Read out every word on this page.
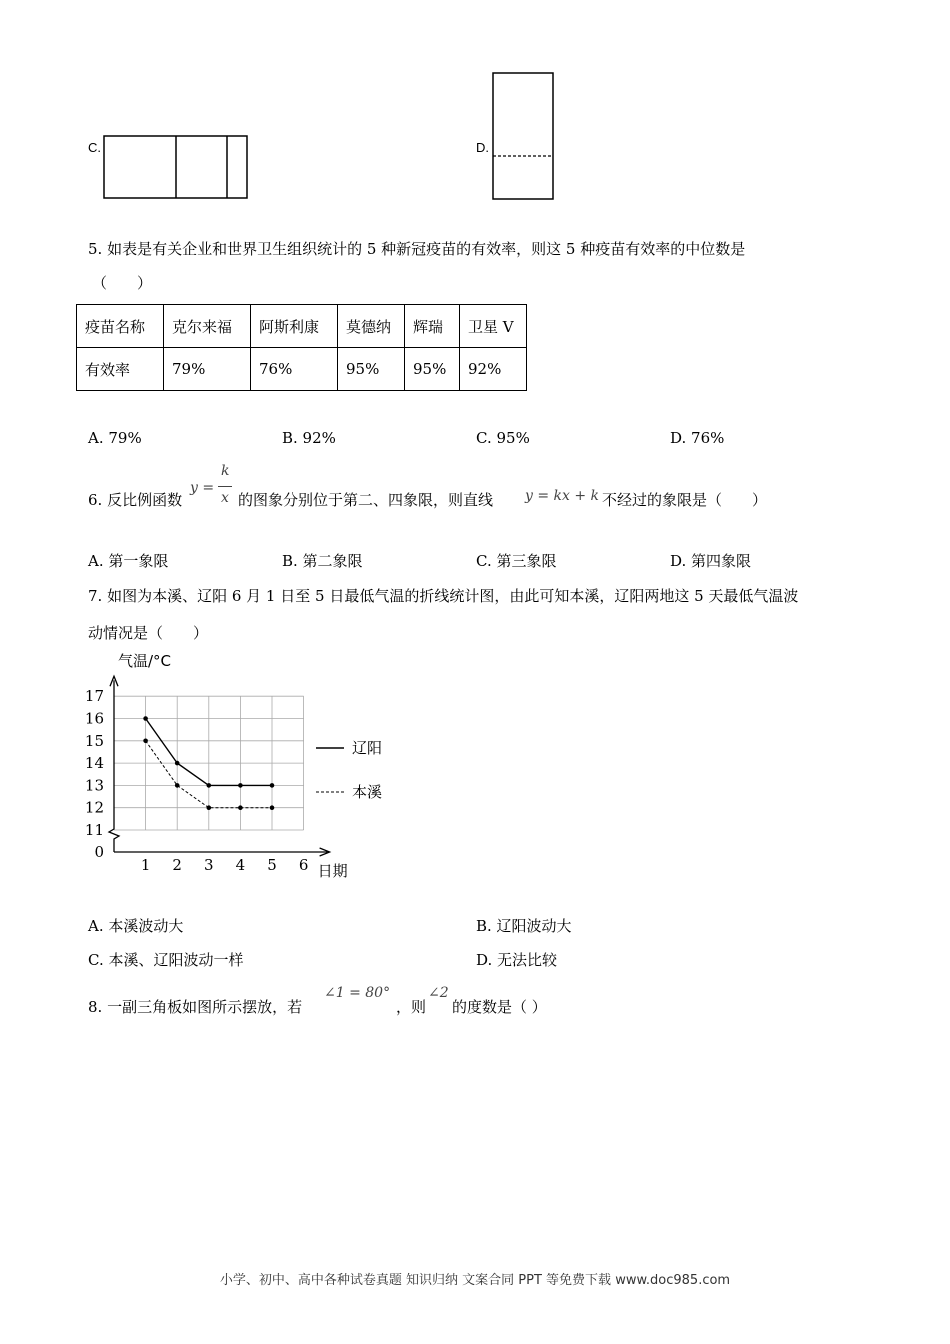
C.	D.
5. 如表是有关企业和世界卫生组织统计的 5 种新冠疫苗的有效率，则这 5 种疫苗有效率的中位数是
（　　）
疫苗名称	克尔来福	阿斯利康	莫德纳	辉瑞	卫星 V
有效率	79%	76%	95%	95%	92%
A. 79%	B. 92%	C. 95%	D. 76%
6. 反比例函数
y =
k
x 的图象分别位于第二、四象限，则直线 y = kx + k 不经过的象限是（　　）
A. 第一象限	B. 第二象限	C. 第三象限	D. 第四象限
7. 如图为本溪、辽阳 6 月 1 日至 5 日最低气温的折线统计图，由此可知本溪，辽阳两地这 5 天最低气温波
动情况是（　　）
17
16
15
14
13
12
11
0
1 2 3 4 5 6
气温/°C
日期
辽阳
本溪
A. 本溪波动大	B. 辽阳波动大
C. 本溪、辽阳波动一样	D. 无法比较
8. 一副三角板如图所示摆放，若
∠1 = 80°
，则
∠2
的度数是（ ）
小学、初中、高中各种试卷真题 知识归纳 文案合同 PPT 等免费下载 www.doc985.com
